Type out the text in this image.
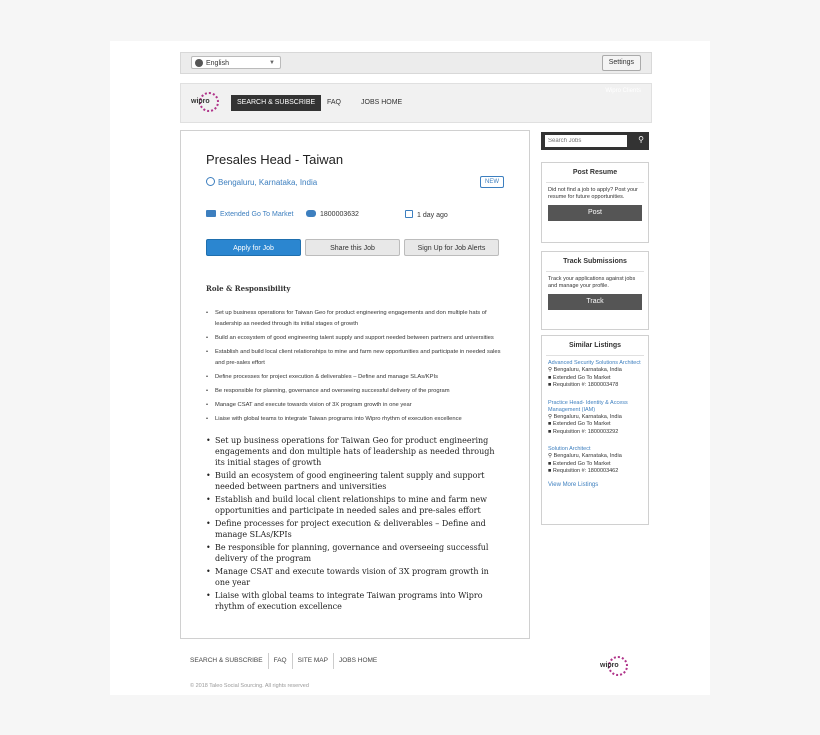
English	▼	Settings
wipro	SEARCH & SUBSCRIBE	FAQ	JOBS HOME
Wipro Clients
Presales Head - Taiwan
Bengaluru, Karnataka, India	NEW
Extended Go To Market	1800003632	1 day ago
Apply for Job	Share this Job	Sign Up for Job Alerts
Role & Responsibility
• Set up business operations for Taiwan Geo for product engineering engagements and don multiple hats of leadership as needed through its initial stages of growth
• Build an ecosystem of good engineering talent supply and support needed between partners and universities
• Establish and build local client relationships to mine and farm new opportunities and participate in needed sales and pre-sales effort
• Define processes for project execution & deliverables – Define and manage SLAs/KPIs
• Be responsible for planning, governance and overseeing successful delivery of the program
• Manage CSAT and execute towards vision of 3X program growth in one year
• Liaise with global teams to integrate Taiwan programs into Wipro rhythm of execution excellence
• Set up business operations for Taiwan Geo for product engineering engagements and don multiple hats of leadership as needed through its initial stages of growth
• Build an ecosystem of good engineering talent supply and support needed between partners and universities
• Establish and build local client relationships to mine and farm new opportunities and participate in needed sales and pre-sales effort
• Define processes for project execution & deliverables – Define and manage SLAs/KPIs
• Be responsible for planning, governance and overseeing successful delivery of the program
• Manage CSAT and execute towards vision of 3X program growth in one year
• Liaise with global teams to integrate Taiwan programs into Wipro rhythm of execution excellence
Search Jobs
⚲
Post Resume

Did not find a job to apply? Post your resume for future opportunities.

Post
Track Submissions

Track your applications against jobs and manage your profile.

Track
Similar Listings
Advanced Security Solutions Architect
⚲ Bengaluru, Karnataka, India
■ Extended Go To Market
■ Requisition #: 1800003478
Practice Head- Identity & Access Management (IAM)
⚲ Bengaluru, Karnataka, India
■ Extended Go To Market
■ Requisition #: 1800003292
Solution Architect
⚲ Bengaluru, Karnataka, India
■ Extended Go To Market
■ Requisition #: 1800003462
View More Listings
SEARCH & SUBSCRIBE FAQ SITE MAP JOBS HOME
wipro
© 2018 Taleo Social Sourcing. All rights reserved
